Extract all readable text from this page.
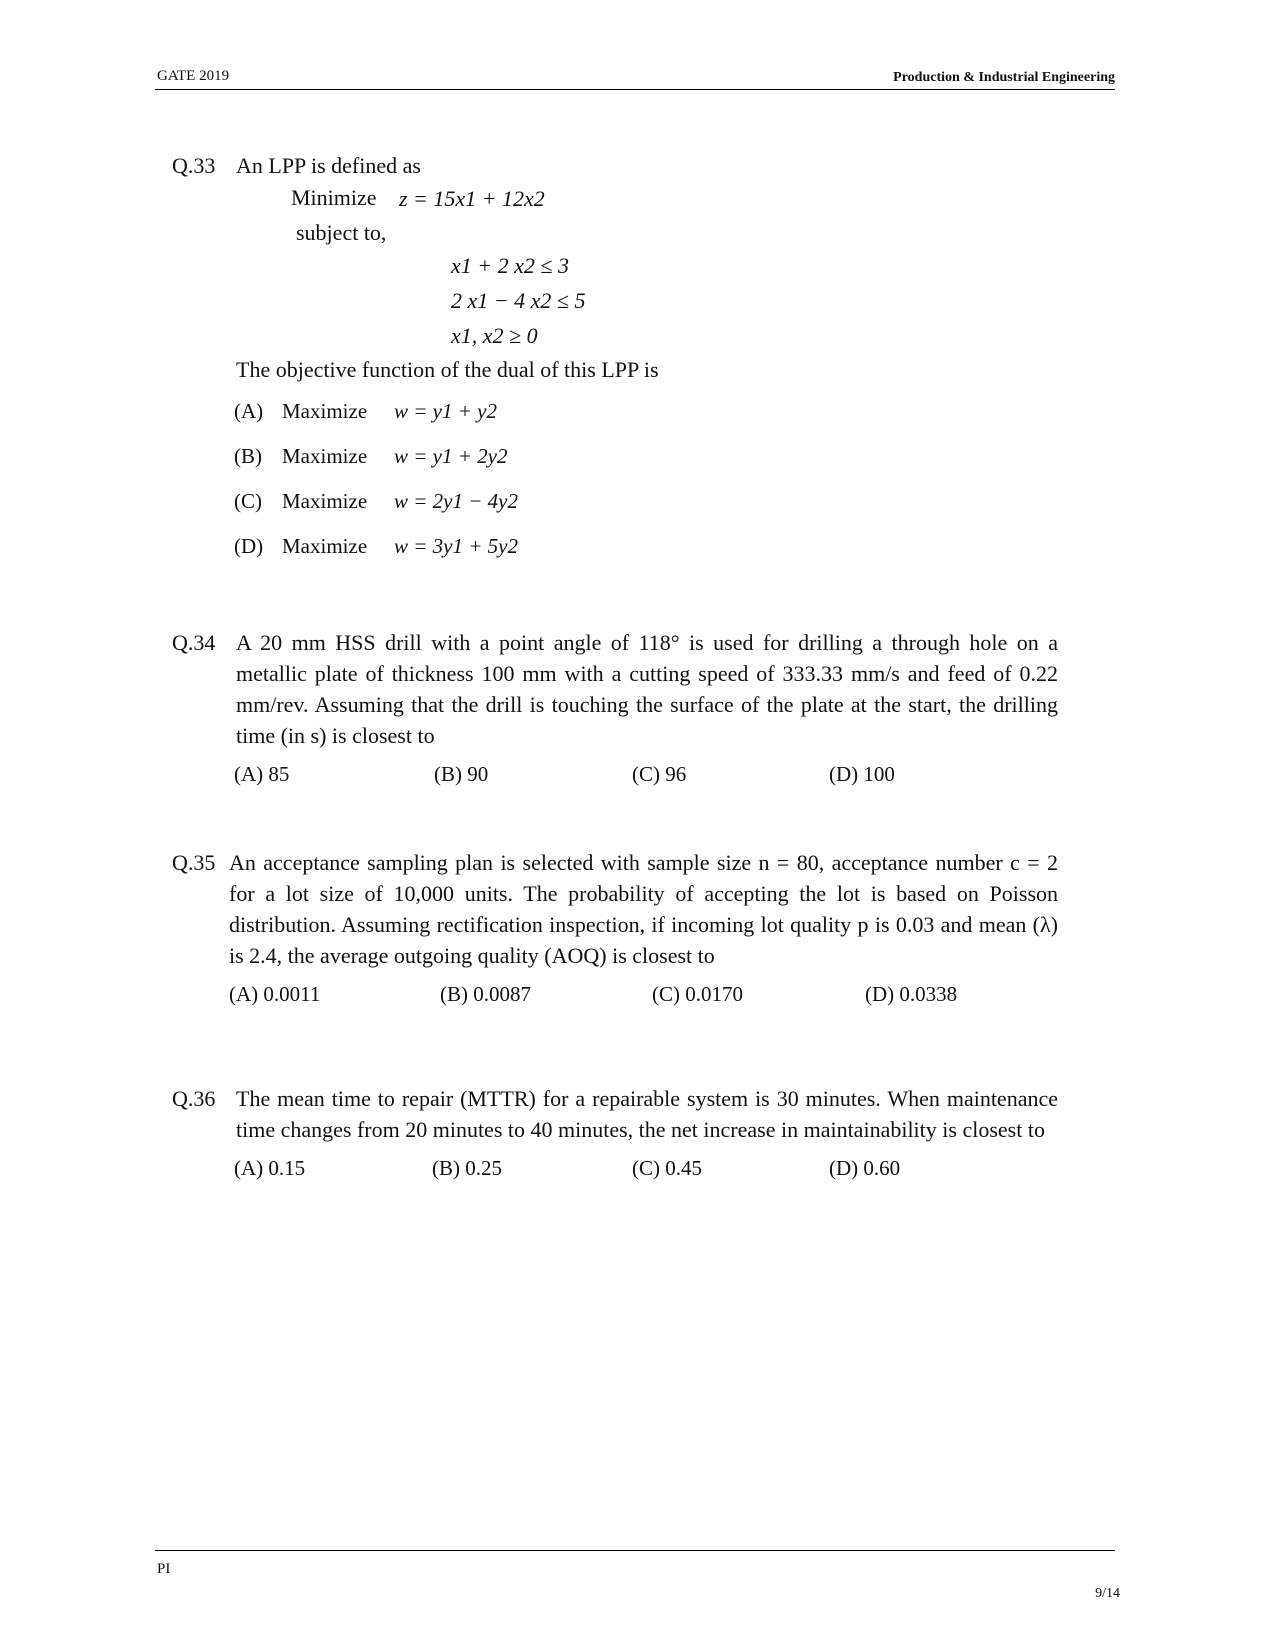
GATE 2019	Production & Industrial Engineering
PI
9/14
Q.33 An LPP is defined as
Minimize z = 15x1 + 12x2
subject to,
x1 + 2 x2 ≤ 3
2 x1 − 4 x2 ≤ 5
x1, x2 ≥ 0
The objective function of the dual of this LPP is
(A) Maximize w = y1 + y2
(B) Maximize w = y1 + 2y2
(C) Maximize w = 2y1 − 4y2
(D) Maximize w = 3y1 + 5y2
Q.34 A 20 mm HSS drill with a point angle of 118° is used for drilling a through hole on a metallic plate of thickness 100 mm with a cutting speed of 333.33 mm/s and feed of 0.22 mm/rev. Assuming that the drill is touching the surface of the plate at the start, the drilling time (in s) is closest to
(A) 85	(B) 90	(C) 96	(D) 100
Q.35 An acceptance sampling plan is selected with sample size n = 80, acceptance number c = 2 for a lot size of 10,000 units. The probability of accepting the lot is based on Poisson distribution. Assuming rectification inspection, if incoming lot quality p is 0.03 and mean (λ) is 2.4, the average outgoing quality (AOQ) is closest to
(A) 0.0011	(B) 0.0087	(C) 0.0170	(D) 0.0338
Q.36 The mean time to repair (MTTR) for a repairable system is 30 minutes. When maintenance time changes from 20 minutes to 40 minutes, the net increase in maintainability is closest to
(A) 0.15	(B) 0.25	(C) 0.45	(D) 0.60
